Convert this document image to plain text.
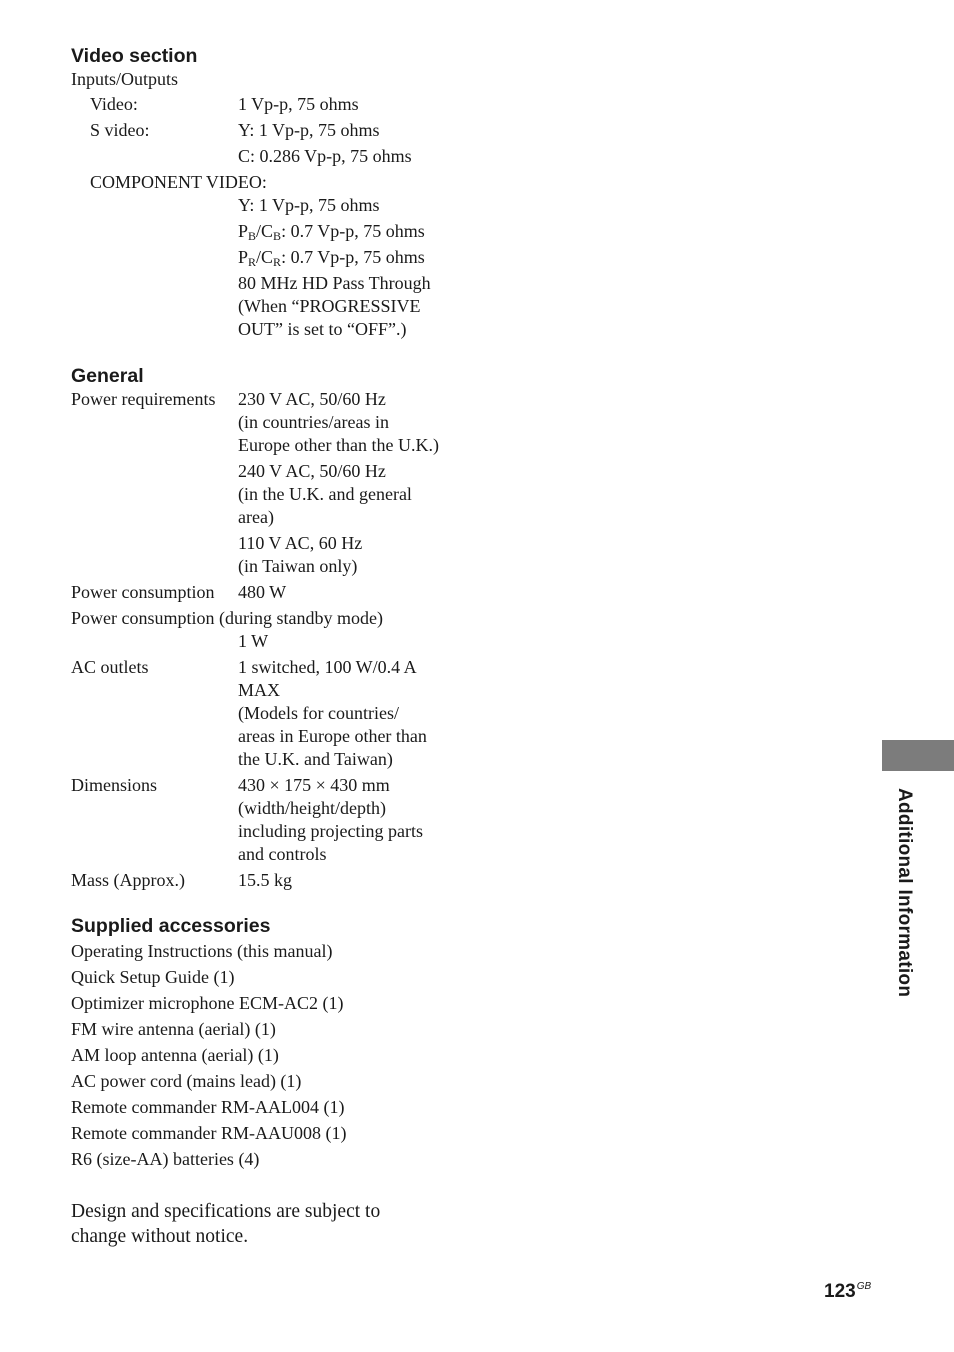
Video section
Inputs/Outputs
Video:	1 Vp-p, 75 ohms
S video:	Y: 1 Vp-p, 75 ohms
C: 0.286 Vp-p, 75 ohms
COMPONENT VIDEO:
Y: 1 Vp-p, 75 ohms
$P_B/C_B$: 0.7 Vp-p, 75 ohms
$P_R/C_R$: 0.7 Vp-p, 75 ohms
80 MHz HD Pass Through
(When “PROGRESSIVE
OUT” is set to “OFF”.)
General
Power requirements	230 V AC, 50/60 Hz
(in countries/areas in
Europe other than the U.K.)
240 V AC, 50/60 Hz
(in the U.K. and general
area)
110 V AC, 60 Hz
(in Taiwan only)
Power consumption	480 W
Power consumption (during standby mode)
1 W
AC outlets	1 switched, 100 W/0.4 A
MAX
(Models for countries/
areas in Europe other than
the U.K. and Taiwan)
Dimensions	430 × 175 × 430 mm
(width/height/depth)
including projecting parts
and controls
Mass (Approx.)	15.5 kg
Supplied accessories
Operating Instructions (this manual)
Quick Setup Guide (1)
Optimizer microphone ECM-AC2 (1)
FM wire antenna (aerial) (1)
AM loop antenna (aerial) (1)
AC power cord (mains lead) (1)
Remote commander RM-AAL004 (1)
Remote commander RM-AAU008 (1)
R6 (size-AA) batteries (4)
Design and specifications are subject to
change without notice.
Additional Information
$123^{GB}$
